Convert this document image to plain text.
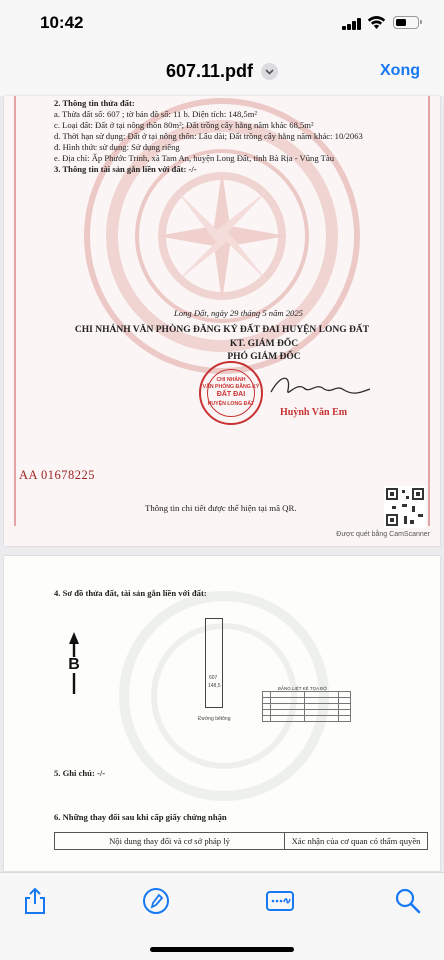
10:42
607.11.pdf	Xong
2. Thông tin thửa đất:
a. Thửa đất số: 607 ; tờ bản đồ số: 11 b. Diện tích: 148,5m²
c. Loại đất: Đất ở tại nông thôn 80m²; Đất trồng cây hằng năm khác 68,5m²
d. Thời hạn sử dụng: Đất ở tại nông thôn: Lâu dài; Đất trồng cây hằng năm khác: 10/2063
đ. Hình thức sử dụng: Sử dụng riêng
e. Địa chỉ: Ấp Phước Trinh, xã Tam An, huyện Long Đất, tỉnh Bà Rịa - Vũng Tàu
3. Thông tin tài sản gắn liền với đất: -/-
Long Đất, ngày 29 tháng 5 năm 2025
CHI NHÁNH VĂN PHÒNG ĐĂNG KÝ ĐẤT ĐAI HUYỆN LONG ĐẤT
KT. GIÁM ĐỐC
PHÓ GIÁM ĐỐC
CHI NHÁNH
VĂN PHÒNG ĐĂNG KÝ
ĐẤT ĐAI
HUYỆN LONG ĐẤT
Huỳnh Văn Em
AA 01678225
Thông tin chi tiết được thể hiện tại mã QR.
Được quét bằng CamScanner
4. Sơ đồ thửa đất, tài sản gắn liền với đất:
B
607
148,5
Đường bêtông
BẢNG LIỆT KÊ TỌA ĐỘ

5. Ghi chú: -/-
6. Những thay đổi sau khi cấp giấy chứng nhận
Nội dung thay đổi và cơ sở pháp lý	Xác nhận của cơ quan có thẩm quyền
